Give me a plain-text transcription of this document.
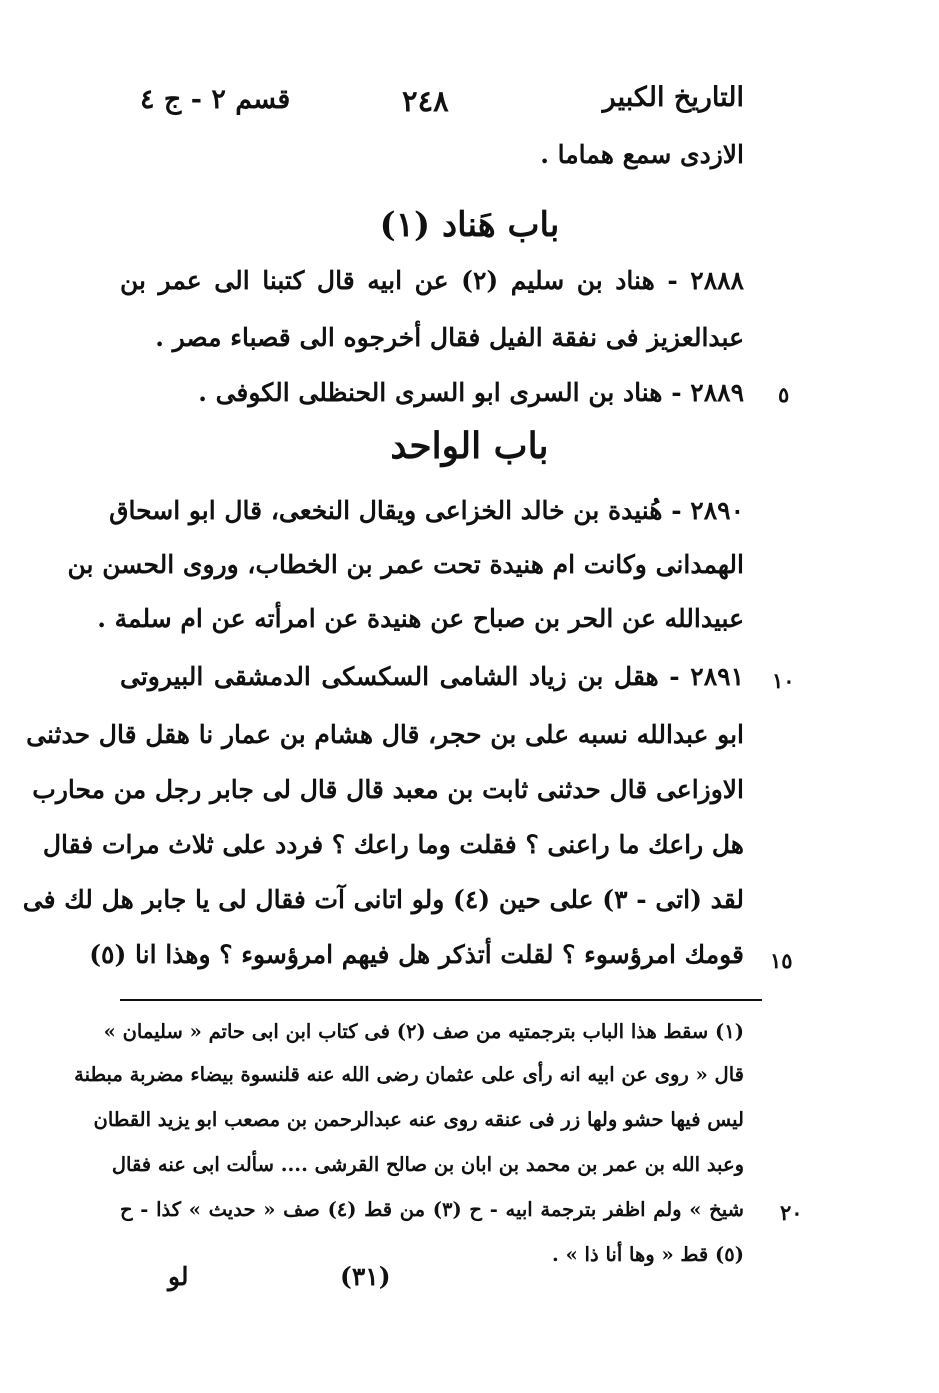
التاريخ الكبير
٢٤٨
قسم ٢ - ج ٤
الازدى سمع هماما .
باب هَناد (١)
٢٨٨٨ - هناد بن سليم (٢) عن ابيه قال كتبنا الى عمر بن
عبدالعزيز فى نفقة الفيل فقال أخرجوه الى قصباء مصر .
٢٨٨٩ - هناد بن السرى ابو السرى الحنظلى الكوفى . ٥
باب الواحد
٢٨٩٠ - هُنيدة بن خالد الخزاعى ويقال النخعى، قال ابو اسحاق
الهمدانى وكانت ام هنيدة تحت عمر بن الخطاب، وروى الحسن بن
عبيدالله عن الحر بن صباح عن هنيدة عن امرأته عن ام سلمة .
٢٨٩١ - هقل بن زياد الشامى السكسكى الدمشقى البيروتى ١٠
ابو عبدالله نسبه على بن حجر، قال هشام بن عمار نا هقل قال حدثنى
الاوزاعى قال حدثنى ثابت بن معبد قال قال لى جابر رجل من محارب
هل راعك ما راعنى ؟ فقلت وما راعك ؟ فردد على ثلاث مرات فقال
لقد (اتى - ٣) على حين (٤) ولو اتانى آت فقال لى يا جابر هل لك فى
قومك امرؤسوء ؟ لقلت أتذكر هل فيهم امرؤسوء ؟ وهذا انا (٥) ١٥
(١) سقط هذا الباب بترجمتيه من صف (٢) فى كتاب ابن ابى حاتم « سليمان »
قال « روى عن ابيه انه رأى على عثمان رضى الله عنه قلنسوة بيضاء مضربة مبطنة
ليس فيها حشو ولها زر فى عنقه روى عنه عبدالرحمن بن مصعب ابو يزيد القطان
وعبد الله بن عمر بن محمد بن ابان بن صالح القرشى .... سألت ابى عنه فقال
شيخ » ولم اظفر بترجمة ابيه - ح (٣) من قط (٤) صف « حديث » كذا - ح ٢٠
(٥) قط « وها أنا ذا » .
(٣١)
لو
